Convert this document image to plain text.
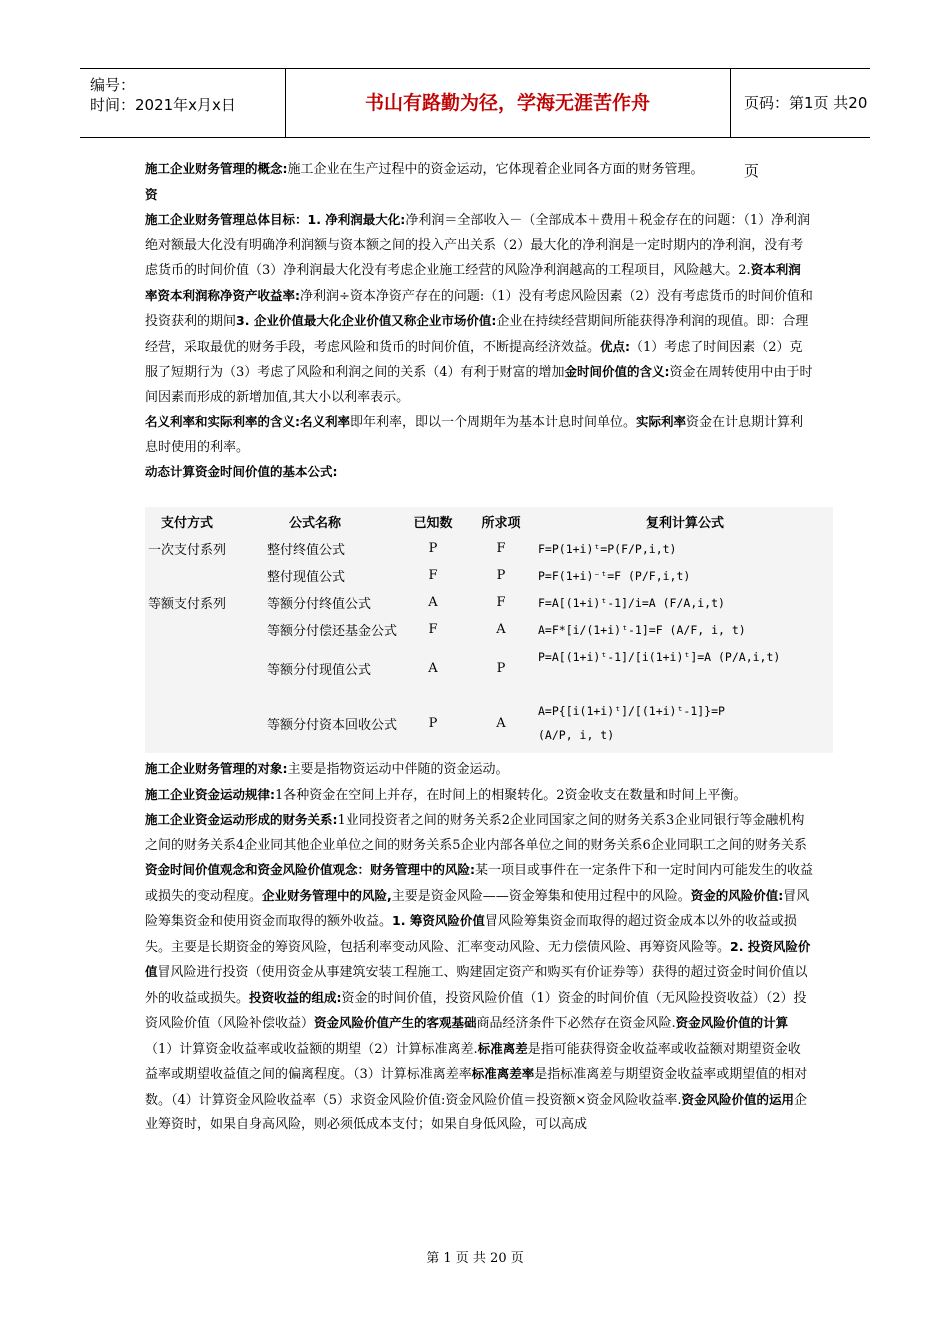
编号：
时间：2021年x月x日	书山有路勤为径，学海无涯苦作舟	页码：第1页 共20页

施工企业财务管理的概念:施工企业在生产过程中的资金运动，它体现着企业同各方面的财务管理。

资

施工企业财务管理总体目标：1. 净利润最大化:净利润＝全部收入－（全部成本＋费用＋税金存在的问题：（1）净利润绝对额最大化没有明确净利润额与资本额之间的投入产出关系（2）最大化的净利润是一定时期内的净利润，没有考虑货币的时间价值（3）净利润最大化没有考虑企业施工经营的风险净利润越高的工程项目，风险越大。2.资本利润率资本利润称净资产收益率:净利润÷资本净资产存在的问题:（1）没有考虑风险因素（2）没有考虑货币的时间价值和投资获利的期间3. 企业价值最大化企业价值又称企业市场价值:企业在持续经营期间所能获得净利润的现值。即：合理经营，采取最优的财务手段，考虑风险和货币的时间价值，不断提高经济效益。优点:（1）考虑了时间因素（2）克服了短期行为（3）考虑了风险和利润之间的关系（4）有利于财富的增加金时间价值的含义:资金在周转使用中由于时间因素而形成的新增加值,其大小以利率表示。

名义利率和实际利率的含义:名义利率即年利率，即以一个周期年为基本计息时间单位。实际利率资金在计息期计算利息时使用的利率。

动态计算资金时间价值的基本公式:

施工企业财务管理的对象:主要是指物资运动中伴随的资金运动。

施工企业资金运动规律:1各种资金在空间上并存，在时间上的相聚转化。2资金收支在数量和时间上平衡。

施工企业资金运动形成的财务关系:1业同投资者之间的财务关系2企业同国家之间的财务关系3企业同银行等金融机构之间的财务关系4企业同其他企业单位之间的财务关系5企业内部各单位之间的财务关系6企业同职工之间的财务关系

资金时间价值观念和资金风险价值观念：财务管理中的风险:某一项目或事件在一定条件下和一定时间内可能发生的收益或损失的变动程度。企业财务管理中的风险,主要是资金风险——资金筹集和使用过程中的风险。资金的风险价值:冒风险筹集资金和使用资金而取得的额外收益。1. 筹资风险价值冒风险筹集资金而取得的超过资金成本以外的收益或损失。主要是长期资金的筹资风险，包括利率变动风险、汇率变动风险、无力偿债风险、再筹资风险等。2. 投资风险价值冒风险进行投资（使用资金从事建筑安装工程施工、购建固定资产和购买有价证券等）获得的超过资金时间价值以外的收益或损失。投资收益的组成:资金的时间价值，投资风险价值（1）资金的时间价值（无风险投资收益）（2）投资风险价值（风险补偿收益）资金风险价值产生的客观基础商品经济条件下必然存在资金风险.资金风险价值的计算（1）计算资金收益率或收益额的期望（2）计算标准离差.标准离差是指可能获得资金收益率或收益额对期望资金收益率或期望收益值之间的偏离程度。（3）计算标准离差率标准离差率是指标准离差与期望资金收益率或期望值的相对数。（4）计算资金风险收益率（5）求资金风险价值:资金风险价值＝投资额×资金风险收益率.资金风险价值的运用企业筹资时，如果自身高风险，则必须低成本支付；如果自身低风险，可以高成

支付方式	公式名称	已知数	所求项	复利计算公式
一次支付系列	整付终值公式	P	F	F=P(1+i)ᵗ=P(F/P,i,t)
	整付现值公式	F	P	P=F(1+i)⁻ᵗ=F (P/F,i,t)
等额支付系列	等额分付终值公式	A	F	F=A[(1+i)ᵗ-1]/i=A (F/A,i,t)
	等额分付偿还基金公式	F	A	A=F*[i/(1+i)ᵗ-1]=F (A/F, i, t)
	等额分付现值公式	A	P	P=A[(1+i)ᵗ-1]/[i(1+i)ᵗ]=A (P/A,i,t)
	等额分付资本回收公式	P	A	A=P{[i(1+i)ᵗ]/[(1+i)ᵗ-1]}=P (A/P, i, t)
第 1 页 共 20 页
